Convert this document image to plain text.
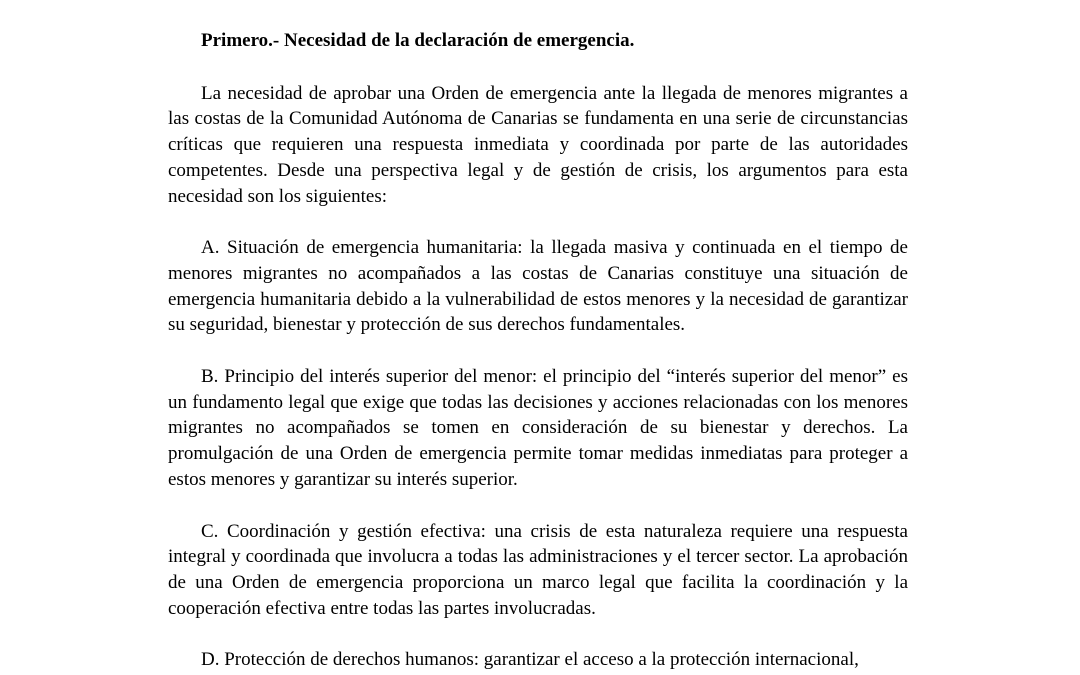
Primero.- Necesidad de la declaración de emergencia.

La necesidad de aprobar una Orden de emergencia ante la llegada de menores migrantes a las costas de la Comunidad Autónoma de Canarias se fundamenta en una serie de circunstancias críticas que requieren una respuesta inmediata y coordinada por parte de las autoridades competentes. Desde una perspectiva legal y de gestión de crisis, los argumentos para esta necesidad son los siguientes:

A. Situación de emergencia humanitaria: la llegada masiva y continuada en el tiempo de menores migrantes no acompañados a las costas de Canarias constituye una situación de emergencia humanitaria debido a la vulnerabilidad de estos menores y la necesidad de garantizar su seguridad, bienestar y protección de sus derechos fundamentales.

B. Principio del interés superior del menor: el principio del “interés superior del menor” es un fundamento legal que exige que todas las decisiones y acciones relacionadas con los menores migrantes no acompañados se tomen en consideración de su bienestar y derechos. La promulgación de una Orden de emergencia permite tomar medidas inmediatas para proteger a estos menores y garantizar su interés superior.

C. Coordinación y gestión efectiva: una crisis de esta naturaleza requiere una respuesta integral y coordinada que involucra a todas las administraciones y el tercer sector. La aprobación de una Orden de emergencia proporciona un marco legal que facilita la coordinación y la cooperación efectiva entre todas las partes involucradas.

D. Protección de derechos humanos: garantizar el acceso a la protección internacional,
